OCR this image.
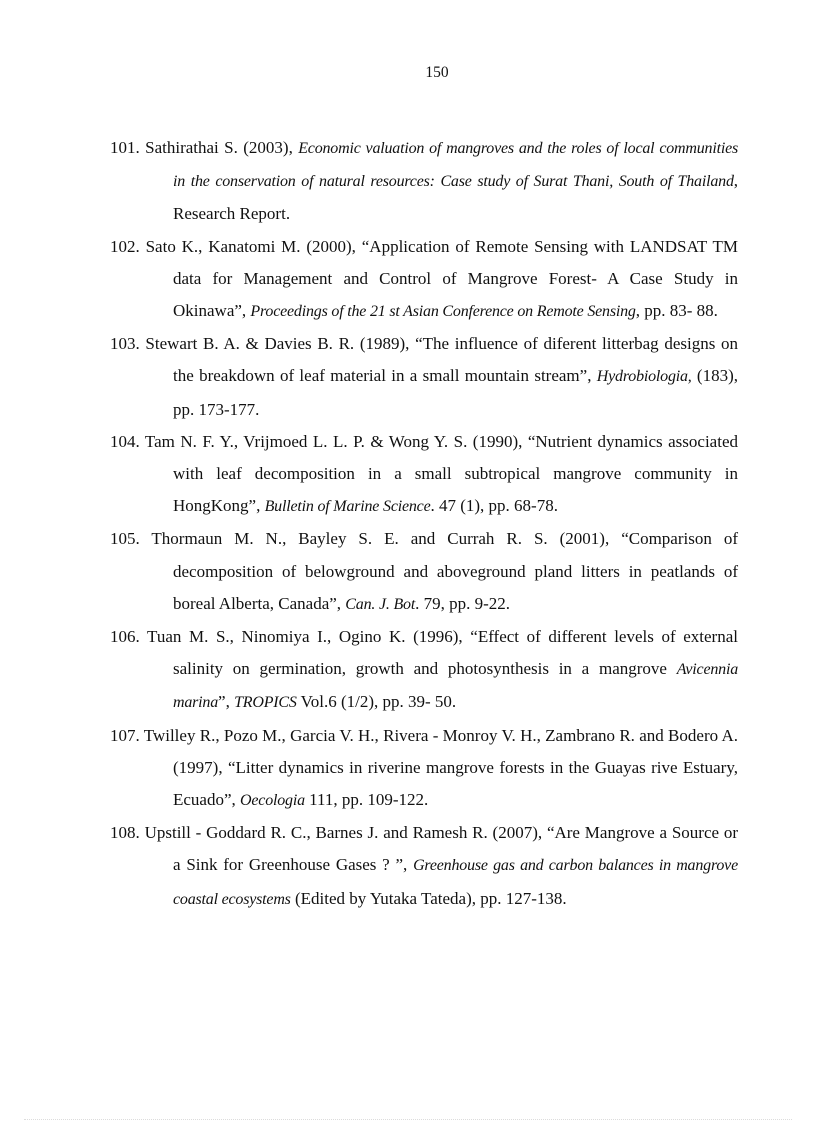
150
101. Sathirathai S. (2003), Economic valuation of mangroves and the roles of local communities in the conservation of natural resources: Case study of Surat Thani, South of Thailand, Research Report.
102. Sato K., Kanatomi M. (2000), “Application of Remote Sensing with LANDSAT TM data for Management and Control of Mangrove Forest- A Case Study in Okinawa”, Proceedings of the 21 st Asian Conference on Remote Sensing, pp. 83- 88.
103. Stewart B. A. & Davies B. R. (1989), “The influence of diferent litterbag designs on the breakdown of leaf material in a small mountain stream”, Hydrobiologia, (183), pp. 173-177.
104. Tam N. F. Y., Vrijmoed L. L. P. & Wong Y. S. (1990), “Nutrient dynamics associated with leaf decomposition in a small subtropical mangrove community in HongKong”, Bulletin of Marine Science. 47 (1), pp. 68-78.
105. Thormaun M. N., Bayley S. E. and Currah R. S. (2001), “Comparison of decomposition of belowground and aboveground pland litters in peatlands of boreal Alberta, Canada”, Can. J. Bot. 79, pp. 9-22.
106. Tuan M. S., Ninomiya I., Ogino K. (1996), “Effect of different levels of external salinity on germination, growth and photosynthesis in a mangrove Avicennia marina”, TROPICS Vol.6 (1/2), pp. 39- 50.
107. Twilley R., Pozo M., Garcia V. H., Rivera - Monroy V. H., Zambrano R. and Bodero A. (1997), “Litter dynamics in riverine mangrove forests in the Guayas rive Estuary, Ecuado”, Oecologia 111, pp. 109-122.
108. Upstill - Goddard R. C., Barnes J. and Ramesh R. (2007), “Are Mangrove a Source or a Sink for Greenhouse Gases ? ”, Greenhouse gas and carbon balances in mangrove coastal ecosystems (Edited by Yutaka Tateda), pp. 127-138.
